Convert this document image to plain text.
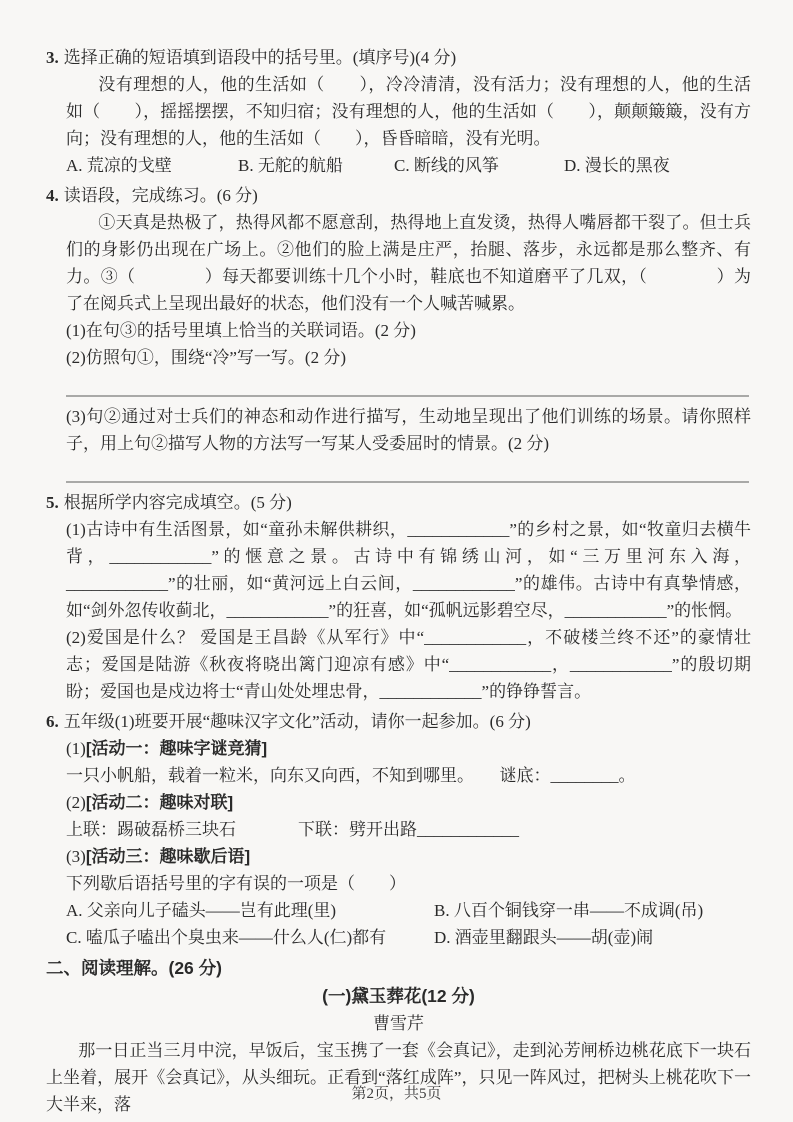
3. 选择正确的短语填到语段中的括号里。(填序号)(4 分)

没有理想的人，他的生活如（　　），冷冷清清，没有活力；没有理想的人，他的生活如（　　），摇摇摆摆，不知归宿；没有理想的人，他的生活如（　　），颠颠簸簸，没有方向；没有理想的人，他的生活如（　　），昏昏暗暗，没有光明。

A. 荒凉的戈壁	B. 无舵的航船	C. 断线的风筝	D. 漫长的黑夜
4. 读语段，完成练习。(6 分)

①天真是热极了，热得风都不愿意刮，热得地上直发烫，热得人嘴唇都干裂了。但士兵们的身影仍出现在广场上。②他们的脸上满是庄严，抬腿、落步，永远都是那么整齐、有力。③（　　　　）每天都要训练十几个小时，鞋底也不知道磨平了几双，（　　　　）为了在阅兵式上呈现出最好的状态，他们没有一个人喊苦喊累。

(1)在句③的括号里填上恰当的关联词语。(2 分)
(2)仿照句①，围绕“冷”写一写。(2 分)
(3)句②通过对士兵们的神态和动作进行描写，生动地呈现出了他们训练的场景。请你照样子，用上句②描写人物的方法写一写某人受委屈时的情景。(2 分)
5. 根据所学内容完成填空。(5 分)
(1)古诗中有生活图景，如“童孙未解供耕织，____________”的乡村之景，如“牧童归去横牛背，____________”的惬意之景。古诗中有锦绣山河，如“三万里河东入海，____________”的壮丽，如“黄河远上白云间，____________”的雄伟。古诗中有真挚情感，如“剑外忽传收蓟北，____________”的狂喜，如“孤帆远影碧空尽，____________”的怅惘。
(2)爱国是什么？ 爱国是王昌龄《从军行》中“____________，不破楼兰终不还”的豪情壮志；爱国是陆游《秋夜将晓出篱门迎凉有感》中“____________，____________”的殷切期盼；爱国也是戍边将士“青山处处埋忠骨，____________”的铮铮誓言。
6. 五年级(1)班要开展“趣味汉字文化”活动，请你一起参加。(6 分)
(1)[活动一：趣味字谜竞猜]
一只小帆船，载着一粒米，向东又向西，不知到哪里。　　谜底：________。
(2)[活动二：趣味对联]
上联：踢破磊桥三块石	下联：劈开出路____________
(3)[活动三：趣味歇后语]
下列歇后语括号里的字有误的一项是（　　）
A. 父亲向儿子磕头——岂有此理(里)	B. 八百个铜钱穿一串——不成调(吊)
C. 嗑瓜子嗑出个臭虫来——什么人(仁)都有	D. 酒壶里翻跟头——胡(壶)闹
二、阅读理解。(26 分)
(一)黛玉葬花(12 分)
曹雪芹

那一日正当三月中浣，早饭后，宝玉携了一套《会真记》，走到沁芳闸桥边桃花底下一块石上坐着，展开《会真记》，从头细玩。正看到“落红成阵”，只见一阵风过，把树头上桃花吹下一大半来，落

第2页，共5页
